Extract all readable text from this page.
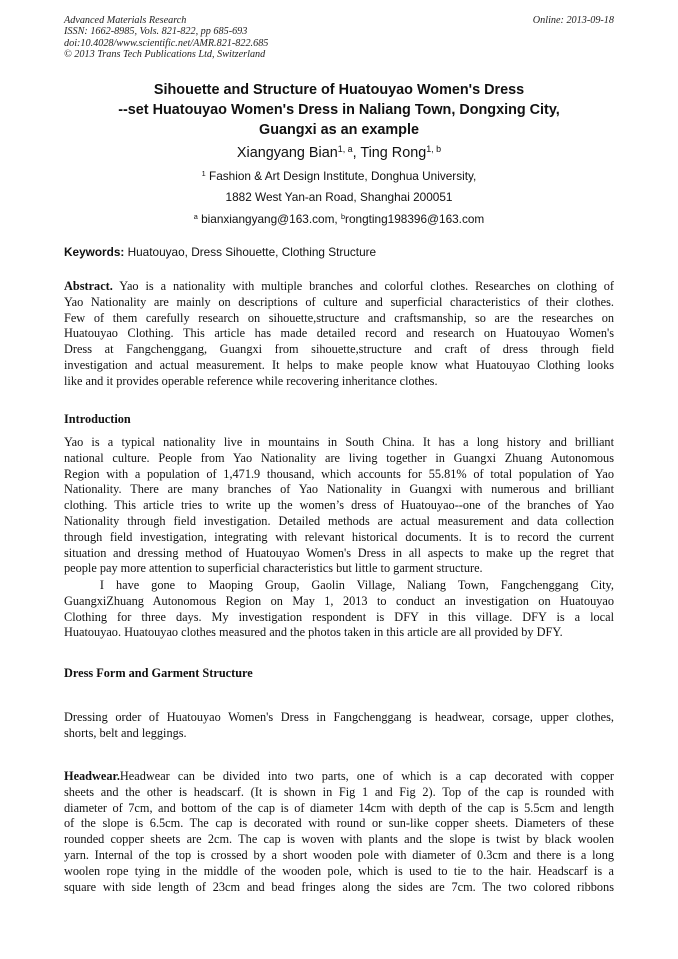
Advanced Materials Research
ISSN: 1662-8985, Vols. 821-822, pp 685-693
doi:10.4028/www.scientific.net/AMR.821-822.685
© 2013 Trans Tech Publications Ltd, Switzerland
Online: 2013-09-18
Sihouette and Structure of Huatouyao Women's Dress
--set Huatouyao Women's Dress in Naliang Town, Dongxing City,
Guangxi as an example
Xiangyang Bian$^{1, a}$, Ting Rong$^{1, b}$
$^1$ Fashion & Art Design Institute, Donghua University,
1882 West Yan-an Road, Shanghai 200051
$^a$ bianxiangyang@163.com, $^b$rongting198396@163.com
Keywords: Huatouyao, Dress Sihouette, Clothing Structure
Abstract. Yao is a nationality with multiple branches and colorful clothes. Researches on clothing of
Yao Nationality are mainly on descriptions of culture and superficial characteristics of their clothes.
Few of them carefully research on sihouette,structure and craftsmanship, so are the researches on
Huatouyao Clothing. This article has made detailed record and research on Huatouyao Women's
Dress at Fangchenggang, Guangxi from sihouette,structure and craft of dress through field
investigation and actual measurement. It helps to make people know what Huatouyao Clothing looks
like and it provides operable reference while recovering inheritance clothes.
Introduction
Yao is a typical nationality live in mountains in South China. It has a long history and brilliant
national culture. People from Yao Nationality are living together in Guangxi Zhuang Autonomous
Region with a population of 1,471.9 thousand, which accounts for 55.81% of total population of Yao
Nationality. There are many branches of Yao Nationality in Guangxi with numerous and brilliant
clothing. This article tries to write up the women’s dress of Huatouyao--one of the branches of Yao
Nationality through field investigation. Detailed methods are actual measurement and data collection
through field investigation, integrating with relevant historical documents. It is to record the current
situation and dressing method of Huatouyao Women's Dress in all aspects to make up the regret that
people pay more attention to superficial characteristics but little to garment structure.
I have gone to Maoping Group, Gaolin Village, Naliang Town, Fangchenggang City,
GuangxiZhuang Autonomous Region on May 1, 2013 to conduct an investigation on Huatouyao
Clothing for three days. My investigation respondent is DFY in this village. DFY is a local
Huatouyao. Huatouyao clothes measured and the photos taken in this article are all provided by DFY.
Dress Form and Garment Structure
Dressing order of Huatouyao Women's Dress in Fangchenggang is headwear, corsage, upper clothes,
shorts, belt and leggings.
Headwear.Headwear can be divided into two parts, one of which is a cap decorated with copper
sheets and the other is headscarf. (It is shown in Fig 1 and Fig 2). Top of the cap is rounded with
diameter of 7cm, and bottom of the cap is of diameter 14cm with depth of the cap is 5.5cm and length
of the slope is 6.5cm. The cap is decorated with round or sun-like copper sheets. Diameters of these
rounded copper sheets are 2cm. The cap is woven with plants and the slope is twist by black woolen
yarn. Internal of the top is crossed by a short wooden pole with diameter of 0.3cm and there is a long
woolen rope tying in the middle of the wooden pole, which is used to tie to the hair. Headscarf is a
square with side length of 23cm and bead fringes along the sides are 7cm. The two colored ribbons
